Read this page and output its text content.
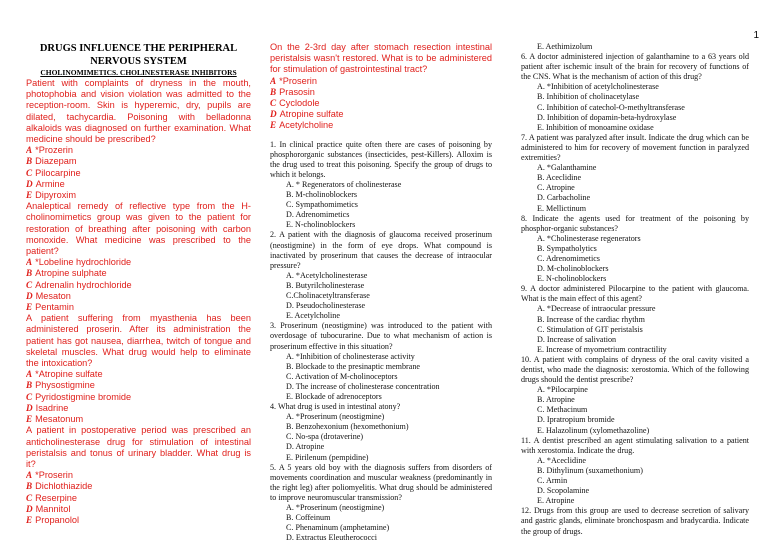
1
DRUGS INFLUENCE THE PERIPHERAL NERVOUS SYSTEM
CHOLINOMIMETICS. CHOLINESTERASE INHIBITORS
Patient with complaints of dryness in the mouth, photophobia and vision violation was admitted to the reception-room. Skin is hyperemic, dry, pupils are dilated, tachycardia. Poisoning with belladonna alkaloids was diagnosed on further examination. What medicine should be prescribed?
A *Prozerin
B Diazepam
C Pilocarpine
D Armine
E Dipyroxim
Analeptical remedy of reflective type from the H-cholinomimetics group was given to the patient for restoration of breathing after poisoning with carbon monoxide. What medicine was prescribed to the patient?
A *Lobeline hydrochloride
B Atropine sulphate
C Adrenalin hydrochloride
D Mesaton
E Pentamin
A patient suffering from myasthenia has been administered proserin. After its administration the patient has got nausea, diarrhea, twitch of tongue and skeletal muscles. What drug would help to eliminate the intoxication?
A *Atropine sulfate
B Physostigmine
C Pyridostigmine bromide
D Isadrine
E Mesatonum
A patient in postoperative period was prescribed an anticholinesterase drug for stimulation of intestinal peristalsis and tonus of urinary bladder. What drug is it?
A *Proserin
B Dichlothiazide
C Reserpine
D Mannitol
E Propanolol
On the 2-3rd day after stomach resection intestinal peristalsis wasn't restored. What is to be administered for stimulation of gastrointestinal tract?
A *Proserin
B Prasosin
C Cyclodole
D Atropine sulfate
E Acetylcholine
1. In clinical practice quite often there are cases of poisoning by phosphororganic substances (insecticides, pest-Killers). Alloxim is the drug used to treat this poisoning. Specify the group of drugs to which it belongs.
A. * Regenerators of cholinesterase
B. M-cholinoblockers
C. Sympathomimetics
D. Adrenomimetics
E. N-cholinoblockers
2. A patient with the diagnosis of glaucoma received proserinum (neostigmine) in the form of eye drops. What compound is inactivated by proserinum that causes the decrease of intraocular pressure?
A. *Acetylcholinesterase
B. Butyrilcholinesterase
C.Cholinacetyltransferase
D. Pseudocholinesterase
E. Acetylcholine
3. Proserinum (neostigmine) was introduced to the patient with overdosage of tubocurarine. Due to what mechanism of action is proserinum effective in this situation?
A. *Inhibition of cholinesterase activity
B. Blockade to the presinaptic membrane
C. Activation of M-cholinoceptors
D. The increase of cholinesterase concentration
E. Blockade of adrenoceptors
4. What drug is used in intestinal atony?
A. *Proserinum (neostigmine)
B. Benzohexonium (hexomethonium)
C. No-spa (drotaverine)
D. Atropine
E. Pirilenum (pempidine)
5. A 5 years old boy with the diagnosis suffers from disorders of movements coordination and muscular weakness (predominantly in the right leg) after poliomyelitis. What drug should be administered to improve neuromuscular transmission?
A. *Proserinum (neostigmine)
B. Coffeinum
C. Phenaminum (amphetamine)
D. Extractus Eleutherococci
E. Aethimizolum
6. A doctor administered injection of galanthamine to a 63 years old patient after ischemic insult of the brain for recovery of functions of the CNS. What is the mechanism of action of this drug?
A. *Inhibition of acetylcholinesterase
B. Inhibition of cholinacetylase
C. Inhibition of catechol-O-methyltransferase
D. Inhibition of dopamin-beta-hydroxylase
E. Inhibition of monoamine oxidase
7. A patient was paralyzed after insult. Indicate the drug which can be administered to him for recovery of movement function in paralyzed extremities?
A. *Galanthamine
B. Aceclidine
C. Atropine
D. Carbacholine
E. Mellictinum
8. Indicate the agents used for treatment of the poisoning by phosphor-organic substances?
A. *Cholinesterase regenerators
B. Sympatholytics
C. Adrenomimetics
D. M-cholinoblockers
E. N-cholinoblockers
9. A doctor administered Pilocarpine to the patient with glaucoma. What is the main effect of this agent?
A. *Decrease of intraocular pressure
B. Increase of the cardiac rhythm
C. Stimulation of GIT peristalsis
D. Increase of salivation
E. Increase of myometrium contractility
10. A patient with complains of dryness of the oral cavity visited a dentist, who made the diagnosis: xerostomia. Which of the following drugs should the dentist prescribe?
A. *Pilocarpine
B. Atropine
C. Methacinum
D. Ipratropium bromide
E. Halazolinum (xylomethazoline)
11. A dentist prescribed an agent stimulating salivation to a patient with xerostomia. Indicate the drug.
A. *Aceclidine
B. Dithylinum (suxamethonium)
C. Armin
D. Scopolamine
E. Atropine
12. Drugs from this group are used to decrease secretion of salivary and gastric glands, eliminate bronchospasm and bradycardia. Indicate the group of drugs.
